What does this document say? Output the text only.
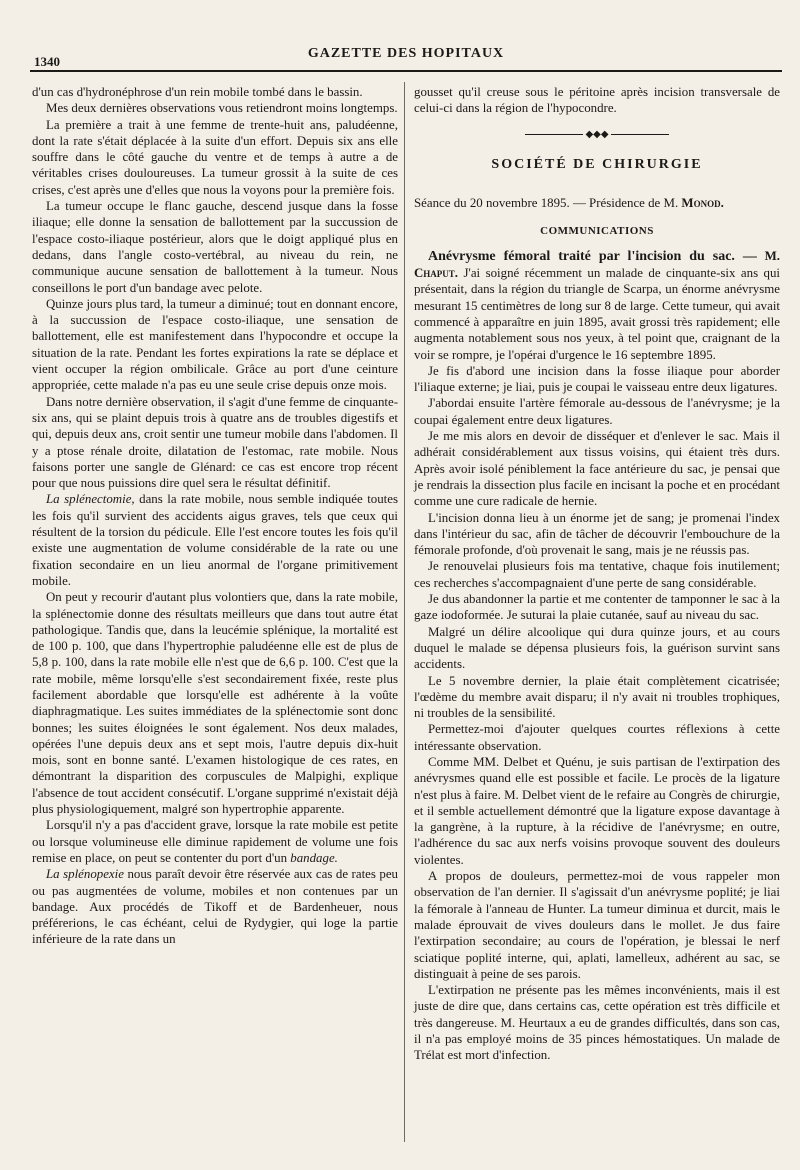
1340
GAZETTE DES HOPITAUX

d'un cas d'hydronéphrose d'un rein mobile tombé dans le bassin.

Mes deux dernières observations vous retiendront moins longtemps.

La première a trait à une femme de trente-huit ans, paludéenne, dont la rate s'était déplacée à la suite d'un effort. Depuis six ans elle souffre dans le côté gauche du ventre et de temps à autre a de véritables crises douloureuses. La tumeur grossit à la suite de ces crises, c'est après une d'elles que nous la voyons pour la première fois.

La tumeur occupe le flanc gauche, descend jusque dans la fosse iliaque; elle donne la sensation de ballottement par la succussion de l'espace costo-iliaque postérieur, alors que le doigt appliqué plus en dedans, dans l'angle costo-vertébral, au niveau du rein, ne communique aucune sensation de ballottement à la tumeur. Nous conseillons le port d'un bandage avec pelote.

Quinze jours plus tard, la tumeur a diminué; tout en donnant encore, à la succussion de l'espace costo-iliaque, une sensation de ballottement, elle est manifestement dans l'hypocondre et occupe la situation de la rate. Pendant les fortes expirations la rate se déplace et vient occuper la région ombilicale. Grâce au port d'une ceinture appropriée, cette malade n'a pas eu une seule crise depuis onze mois.

Dans notre dernière observation, il s'agit d'une femme de cinquante-six ans, qui se plaint depuis trois à quatre ans de troubles digestifs et qui, depuis deux ans, croit sentir une tumeur mobile dans l'abdomen. Il y a ptose rénale droite, dilatation de l'estomac, rate mobile. Nous faisons porter une sangle de Glénard: ce cas est encore trop récent pour que nous puissions dire quel sera le résultat définitif.

La splénectomie, dans la rate mobile, nous semble indiquée toutes les fois qu'il survient des accidents aigus graves, tels que ceux qui résultent de la torsion du pédicule. Elle l'est encore toutes les fois qu'il existe une augmentation de volume considérable de la rate ou une fixation secondaire en un lieu anormal de l'organe primitivement mobile.

On peut y recourir d'autant plus volontiers que, dans la rate mobile, la splénectomie donne des résultats meilleurs que dans tout autre état pathologique. Tandis que, dans la leucémie splénique, la mortalité est de 100 p. 100, que dans l'hypertrophie paludéenne elle est de plus de 5,8 p. 100, dans la rate mobile elle n'est que de 6,6 p. 100. C'est que la rate mobile, même lorsqu'elle s'est secondairement fixée, reste plus facilement abordable que lorsqu'elle est adhérente à la voûte diaphragmatique. Les suites immédiates de la splénectomie sont donc bonnes; les suites éloignées le sont également. Nos deux malades, opérées l'une depuis deux ans et sept mois, l'autre depuis dix-huit mois, sont en bonne santé. L'examen histologique de ces rates, en démontrant la disparition des corpuscules de Malpighi, explique l'absence de tout accident consécutif. L'organe supprimé n'existait déjà plus physiologiquement, malgré son hypertrophie apparente.

Lorsqu'il n'y a pas d'accident grave, lorsque la rate mobile est petite ou lorsque volumineuse elle diminue rapidement de volume une fois remise en place, on peut se contenter du port d'un bandage.

La splénopexie nous paraît devoir être réservée aux cas de rates peu ou pas augmentées de volume, mobiles et non contenues par un bandage. Aux procédés de Tikoff et de Bardenheuer, nous préférerions, le cas échéant, celui de Rydygier, qui loge la partie inférieure de la rate dans un

gousset qu'il creuse sous le péritoine après incision transversale de celui-ci dans la région de l'hypocondre.

◆◆◆
SOCIÉTÉ DE CHIRURGIE

Séance du 20 novembre 1895. — Présidence de M. Monod.

COMMUNICATIONS

Anévrysme fémoral traité par l'incision du sac. — M. Chaput. J'ai soigné récemment un malade de cinquante-six ans qui présentait, dans la région du triangle de Scarpa, un énorme anévrysme mesurant 15 centimètres de long sur 8 de large. Cette tumeur, qui avait commencé à apparaître en juin 1895, avait grossi très rapidement; elle augmenta notablement sous nos yeux, à tel point que, craignant de la voir se rompre, je l'opérai d'urgence le 16 septembre 1895.

Je fis d'abord une incision dans la fosse iliaque pour aborder l'iliaque externe; je liai, puis je coupai le vaisseau entre deux ligatures.

J'abordai ensuite l'artère fémorale au-dessous de l'anévrysme; je la coupai également entre deux ligatures.

Je me mis alors en devoir de disséquer et d'enlever le sac. Mais il adhérait considérablement aux tissus voisins, qui étaient très durs. Après avoir isolé péniblement la face antérieure du sac, je pensai que je rendrais la dissection plus facile en incisant la poche et en procédant comme une cure radicale de hernie.

L'incision donna lieu à un énorme jet de sang; je promenai l'index dans l'intérieur du sac, afin de tâcher de découvrir l'embouchure de la fémorale profonde, d'où provenait le sang, mais je ne réussis pas.

Je renouvelai plusieurs fois ma tentative, chaque fois inutilement; ces recherches s'accompagnaient d'une perte de sang considérable.

Je dus abandonner la partie et me contenter de tamponner le sac à la gaze iodoformée. Je suturai la plaie cutanée, sauf au niveau du sac.

Malgré un délire alcoolique qui dura quinze jours, et au cours duquel le malade se dépensa plusieurs fois, la guérison survint sans accidents.

Le 5 novembre dernier, la plaie était complètement cicatrisée; l'œdème du membre avait disparu; il n'y avait ni troubles trophiques, ni troubles de la sensibilité.

Permettez-moi d'ajouter quelques courtes réflexions à cette intéressante observation.

Comme MM. Delbet et Quénu, je suis partisan de l'extirpation des anévrysmes quand elle est possible et facile. Le procès de la ligature n'est plus à faire. M. Delbet vient de le refaire au Congrès de chirurgie, et il semble actuellement démontré que la ligature expose davantage à la gangrène, à la rupture, à la récidive de l'anévrysme; en outre, l'adhérence du sac aux nerfs voisins provoque souvent des douleurs violentes.

A propos de douleurs, permettez-moi de vous rappeler mon observation de l'an dernier. Il s'agissait d'un anévrysme poplité; je liai la fémorale à l'anneau de Hunter. La tumeur diminua et durcit, mais le malade éprouvait de vives douleurs dans le mollet. Je dus faire l'extirpation secondaire; au cours de l'opération, je blessai le nerf sciatique poplité interne, qui, aplati, lamelleux, adhérent au sac, se distinguait à peine de ses parois.

L'extirpation ne présente pas les mêmes inconvénients, mais il est juste de dire que, dans certains cas, cette opération est très difficile et très dangereuse. M. Heurtaux a eu de grandes difficultés, dans son cas, il n'a pas employé moins de 35 pinces hémostatiques. Un malade de Trélat est mort d'infection.
